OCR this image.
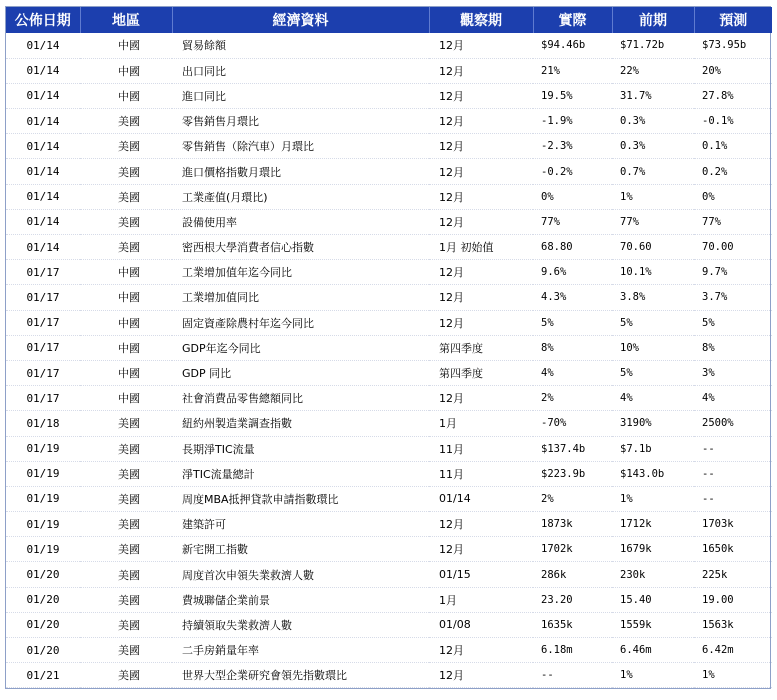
公佈日期	地區	經濟資料	觀察期	實際	前期	預測
01/14	中國	貿易餘額	12月	$94.46b	$71.72b	$73.95b
01/14	中國	出口同比	12月	21%	22%	20%
01/14	中國	進口同比	12月	19.5%	31.7%	27.8%
01/14	美國	零售銷售月環比	12月	-1.9%	0.3%	-0.1%
01/14	美國	零售銷售（除汽車）月環比	12月	-2.3%	0.3%	0.1%
01/14	美國	進口價格指數月環比	12月	-0.2%	0.7%	0.2%
01/14	美國	工業產值(月環比)	12月	0%	1%	0%
01/14	美國	設備使用率	12月	77%	77%	77%
01/14	美國	密西根大學消費者信心指數	1月 初始值	68.80	70.60	70.00
01/17	中國	工業增加值年迄今同比	12月	9.6%	10.1%	9.7%
01/17	中國	工業增加值同比	12月	4.3%	3.8%	3.7%
01/17	中國	固定資產除農村年迄今同比	12月	5%	5%	5%
01/17	中國	GDP年迄今同比	第四季度	8%	10%	8%
01/17	中國	GDP 同比	第四季度	4%	5%	3%
01/17	中國	社會消費品零售總額同比	12月	2%	4%	4%
01/18	美國	紐約州製造業調查指數	1月	-70%	3190%	2500%
01/19	美國	長期淨TIC流量	11月	$137.4b	$7.1b	--
01/19	美國	淨TIC流量總計	11月	$223.9b	$143.0b	--
01/19	美國	周度MBA抵押貸款申請指數環比	01/14	2%	1%	--
01/19	美國	建築許可	12月	1873k	1712k	1703k
01/19	美國	新宅開工指數	12月	1702k	1679k	1650k
01/20	美國	周度首次申領失業救濟人數	01/15	286k	230k	225k
01/20	美國	費城聯儲企業前景	1月	23.20	15.40	19.00
01/20	美國	持續領取失業救濟人數	01/08	1635k	1559k	1563k
01/20	美國	二手房銷量年率	12月	6.18m	6.46m	6.42m
01/21	美國	世界大型企業研究會領先指數環比	12月	--	1%	1%
